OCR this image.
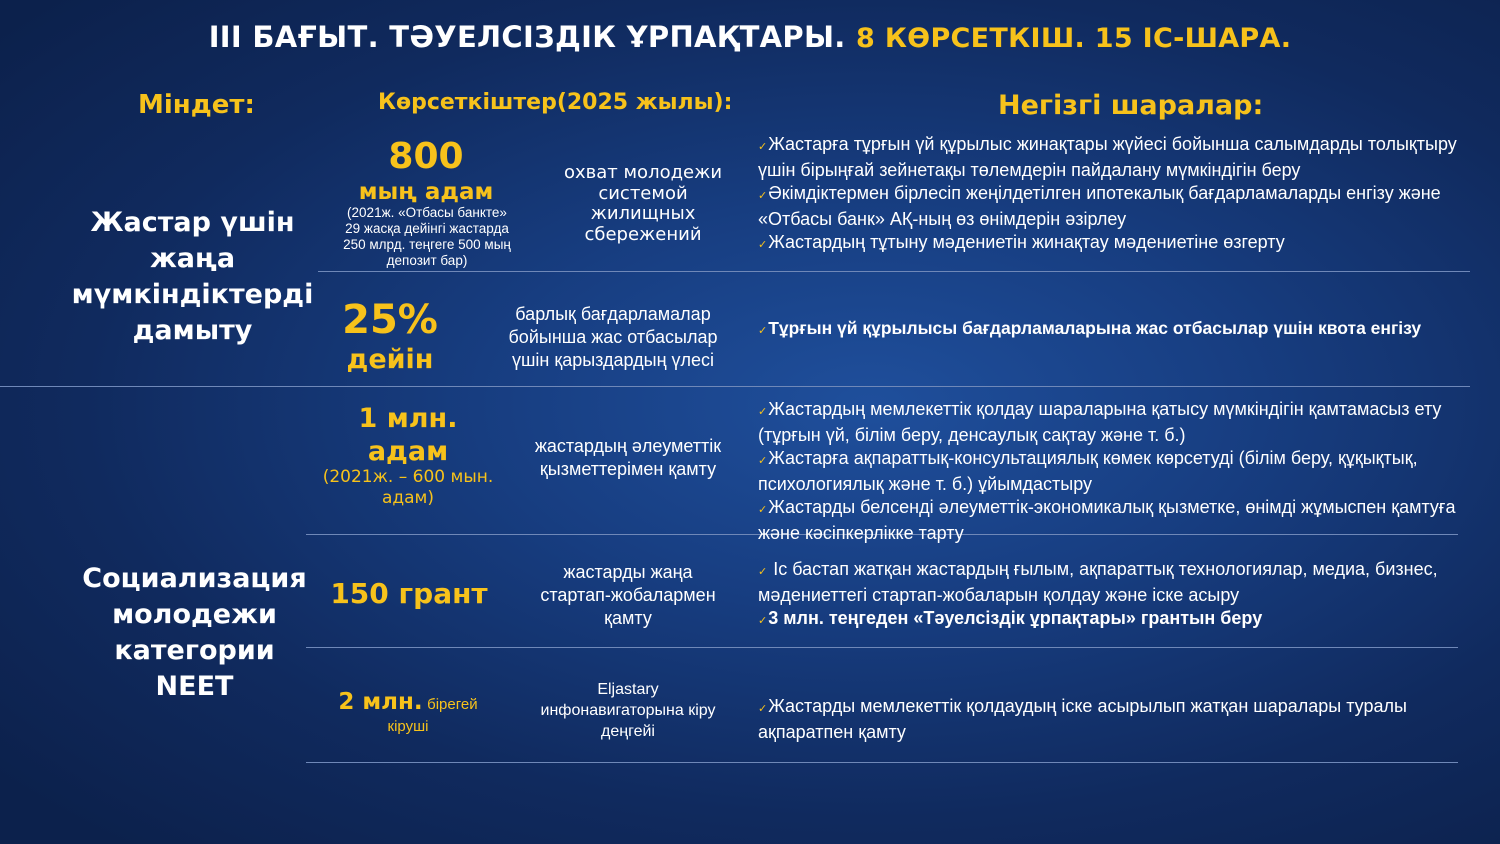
III БАҒЫТ. ТӘУЕЛСІЗДІК ҰРПАҚТАРЫ. 8 КӨРСЕТКІШ. 15 ІС-ШАРА.
Міндет:	Көрсеткіштер(2025 жылы):	Негізгі шаралар:
Жастар үшін
жаңа
мүмкіндіктерді
дамыту
Социализация
молодежи
категории NEET
800
мың адам
(2021ж. «Отбасы банкте»
29 жасқа дейінгі жастарда
250 млрд. теңгеге 500 мың
депозит бар)
охват молодежи
системой
жилищных
сбережений

✓Жастарға тұрғын үй құрылыс жинақтары жүйесі бойынша салымдарды толықтыру үшін бірыңғай зейнетақы төлемдерін пайдалану мүмкіндігін беру

✓Әкімдіктермен бірлесіп жеңілдетілген ипотекалық бағдарламаларды енгізу және «Отбасы банк» АҚ-ның өз өнімдерін әзірлеу

✓Жастардың тұтыну мәдениетін жинақтау мәдениетіне өзгерту

25%
дейін
барлық бағдарламалар
бойынша жас отбасылар
үшін қарыздардың үлесі

✓Тұрғын үй құрылысы бағдарламаларына жас отбасылар үшін квота енгізу

1 млн.
адам
(2021ж. – 600 мын.
адам)
жастардың әлеуметтік
қызметтерімен қамту

✓Жастардың мемлекеттік қолдау шараларына қатысу мүмкіндігін қамтамасыз ету (тұрғын үй, білім беру, денсаулық сақтау және т. б.)

✓Жастарға ақпараттық-консультациялық көмек көрсетуді (білім беру, құқықтық, психологиялық және т. б.) ұйымдастыру

✓Жастарды белсенді әлеуметтік-экономикалық қызметке, өнімді жұмыспен қамтуға және кәсіпкерлікке тарту

150 грант
жастарды жаңа
стартап-жобалармен
қамту

✓ Іс бастап жатқан жастардың ғылым, ақпараттық технологиялар, медиа, бизнес, мәдениеттегі стартап-жобаларын қолдау және іске асыру

✓3 млн. теңгеден «Тәуелсіздік ұрпақтары» грантын беру

2 млн. бірегей
кіруші
Eljastary
инфонавигаторына кіру
деңгейі

✓Жастарды мемлекеттік қолдаудың іске асырылып жатқан шаралары туралы ақпаратпен қамту
